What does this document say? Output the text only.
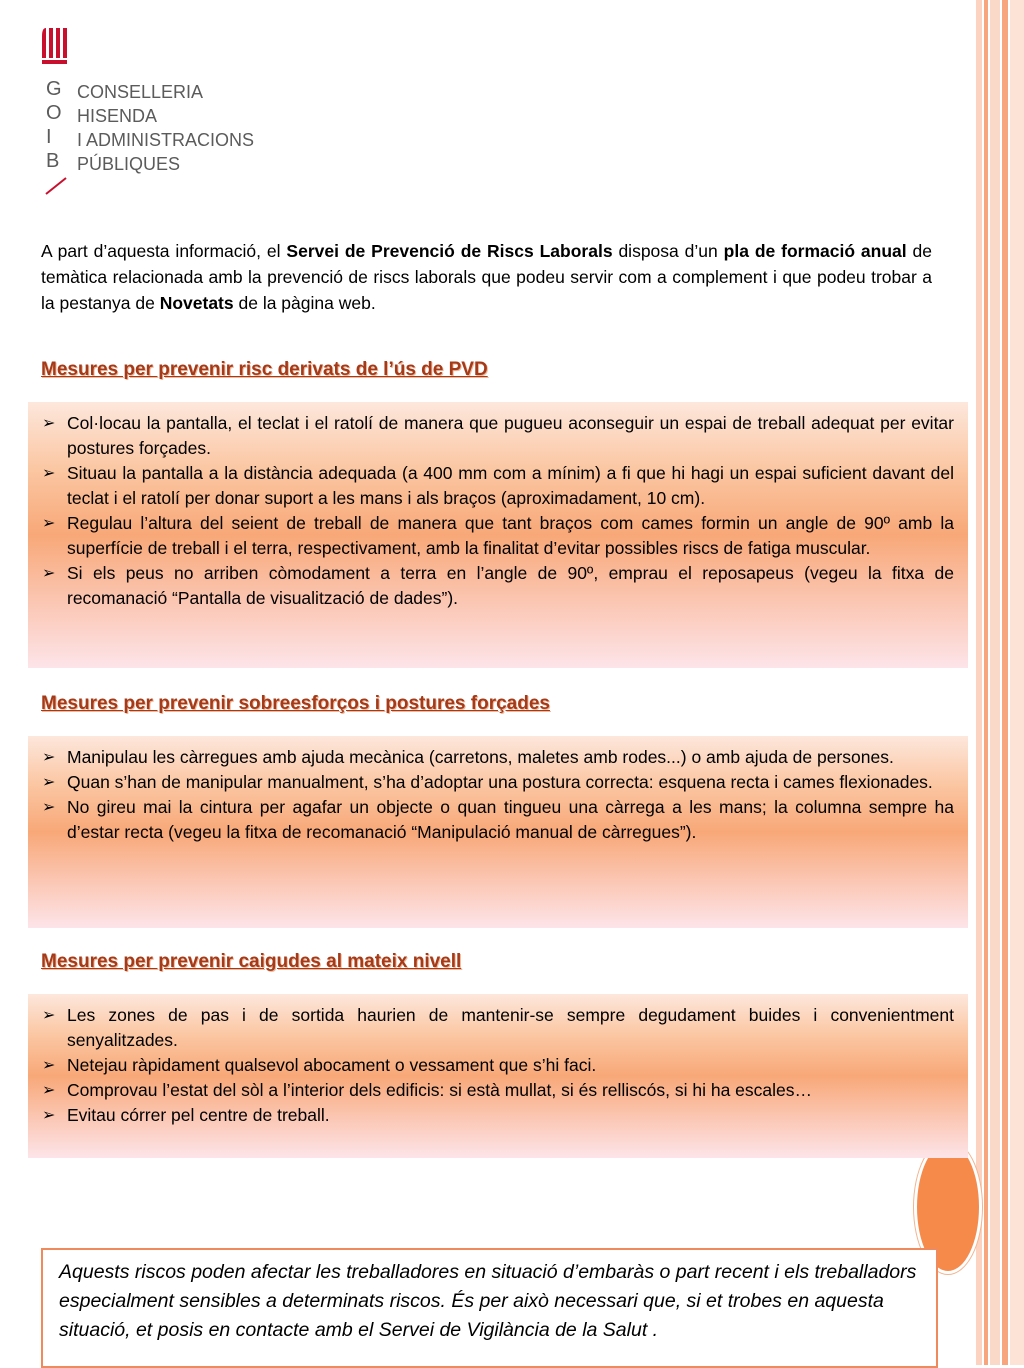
G
O
I
B
CONSELLERIA
HISENDA
I ADMINISTRACIONS
PÚBLIQUES

A part d’aquesta informació, el Servei de Prevenció de Riscs Laborals disposa d’un pla de formació anual de temàtica relacionada amb la prevenció de riscs laborals que podeu servir com a complement i que podeu trobar a la pestanya de Novetats de la pàgina web.

Mesures per prevenir risc derivats de l’ús de PVD
➢ Col·locau la pantalla, el teclat i el ratolí de manera que pugueu aconseguir un espai de treball adequat per evitar postures forçades.
➢ Situau la pantalla a la distància adequada (a 400 mm com a mínim) a fi que hi hagi un espai suficient davant del teclat i el ratolí per donar suport a les mans i als braços (aproximadament, 10 cm).
➢ Regulau l’altura del seient de treball de manera que tant braços com cames formin un angle de 90º amb la superfície de treball i el terra, respectivament, amb la finalitat d’evitar possibles riscs de fatiga muscular.
➢ Si els peus no arriben còmodament a terra en l’angle de 90º, emprau el reposapeus (vegeu la fitxa de recomanació “Pantalla de visualització de dades”).
Mesures per prevenir sobreesforços i postures forçades
➢ Manipulau les càrregues amb ajuda mecànica (carretons, maletes amb rodes...) o amb ajuda de persones.
➢ Quan s’han de manipular manualment, s’ha d’adoptar una postura correcta: esquena recta i cames flexionades.
➢ No gireu mai la cintura per agafar un objecte o quan tingueu una càrrega a les mans; la columna sempre ha d’estar recta (vegeu la fitxa de recomanació “Manipulació manual de càrregues”).
Mesures per prevenir caigudes al mateix nivell
➢ Les zones de pas i de sortida haurien de mantenir-se sempre degudament buides i convenientment senyalitzades.
➢ Netejau ràpidament qualsevol abocament o vessament que s’hi faci.
➢ Comprovau l’estat del sòl a l’interior dels edificis: si està mullat, si és relliscós, si hi ha escales…
➢ Evitau córrer pel centre de treball.

Aquests riscos poden afectar les treballadores en situació d’embaràs o part recent i els treballadors especialment sensibles a determinats riscos. És per això necessari que, si et trobes en aquesta situació, et posis en contacte amb el Servei de Vigilància de la Salut .
